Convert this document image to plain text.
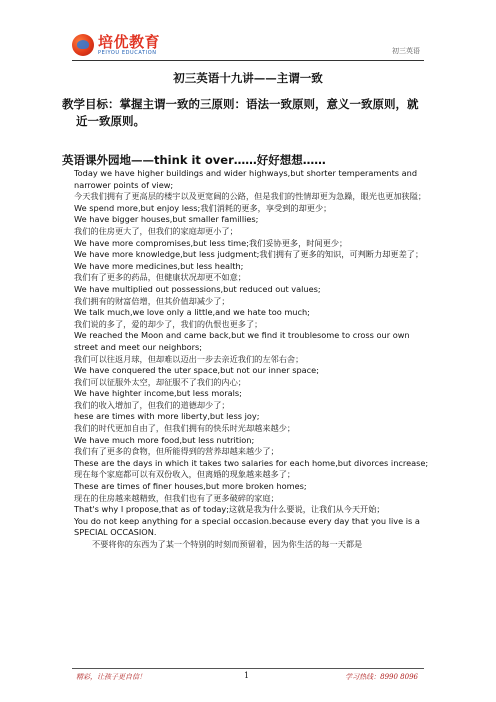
培优教育
PEIYOU EDUCATION	初三英语
初三英语十九讲——主谓一致
教学目标：掌握主谓一致的三原则：语法一致原则，意义一致原则，就
近一致原则。
英语课外园地——think it over……好好想想……
Today we have higher buildings and wider highways,but shorter temperaments and narrower points of view;
今天我们拥有了更高层的楼宇以及更宽阔的公路，但是我们的性情却更为急躁，眼光也更加狭隘；
We spend more,but enjoy less;我们消耗的更多，享受到的却更少；
We have bigger houses,but smaller famillies;
我们的住房更大了，但我们的家庭却更小了；
We have more compromises,but less time;我们妥协更多，时间更少；
We have more knowledge,but less judgment;我们拥有了更多的知识，可判断力却更差了；
We have more medicines,but less health;
我们有了更多的药品，但健康状况却更不如意；
We have multiplied out possessions,but reduced out values;
我们拥有的财富倍增，但其价值却减少了；
We talk much,we love only a little,and we hate too much;
我们说的多了，爱的却少了，我们的仇恨也更多了；
We reached the Moon and came back,but we find it troublesome to cross our own street and meet our neighbors;
我们可以往返月球，但却难以迈出一步去亲近我们的左邻右舍；
We have conquered the uter space,but not our inner space;
我们可以征服外太空，却征服不了我们的内心；
We have highter income,but less morals;
我们的收入增加了，但我们的道德却少了；
hese are times with more liberty,but less joy;
我们的时代更加自由了，但我们拥有的快乐时光却越来越少；
We have much more food,but less nutrition;
我们有了更多的食物，但所能得到的营养却越来越少了；
These are the days in which it takes two salaries for each home,but divorces increase;
现在每个家庭都可以有双份收入，但离婚的现象越来越多了；
These are times of finer houses,but more broken homes;
现在的住房越来越精致，但我们也有了更多破碎的家庭；
That's why I propose,that as of today;这就是我为什么要说，让我们从今天开始；
You do not keep anything for a special occasion.because every day that you live is a SPECIAL OCCASION.
不要将你的东西为了某一个特别的时刻而预留着，因为你生活的每一天都是
精彩，让孩子更自信！	1	学习热线：8990 8096
